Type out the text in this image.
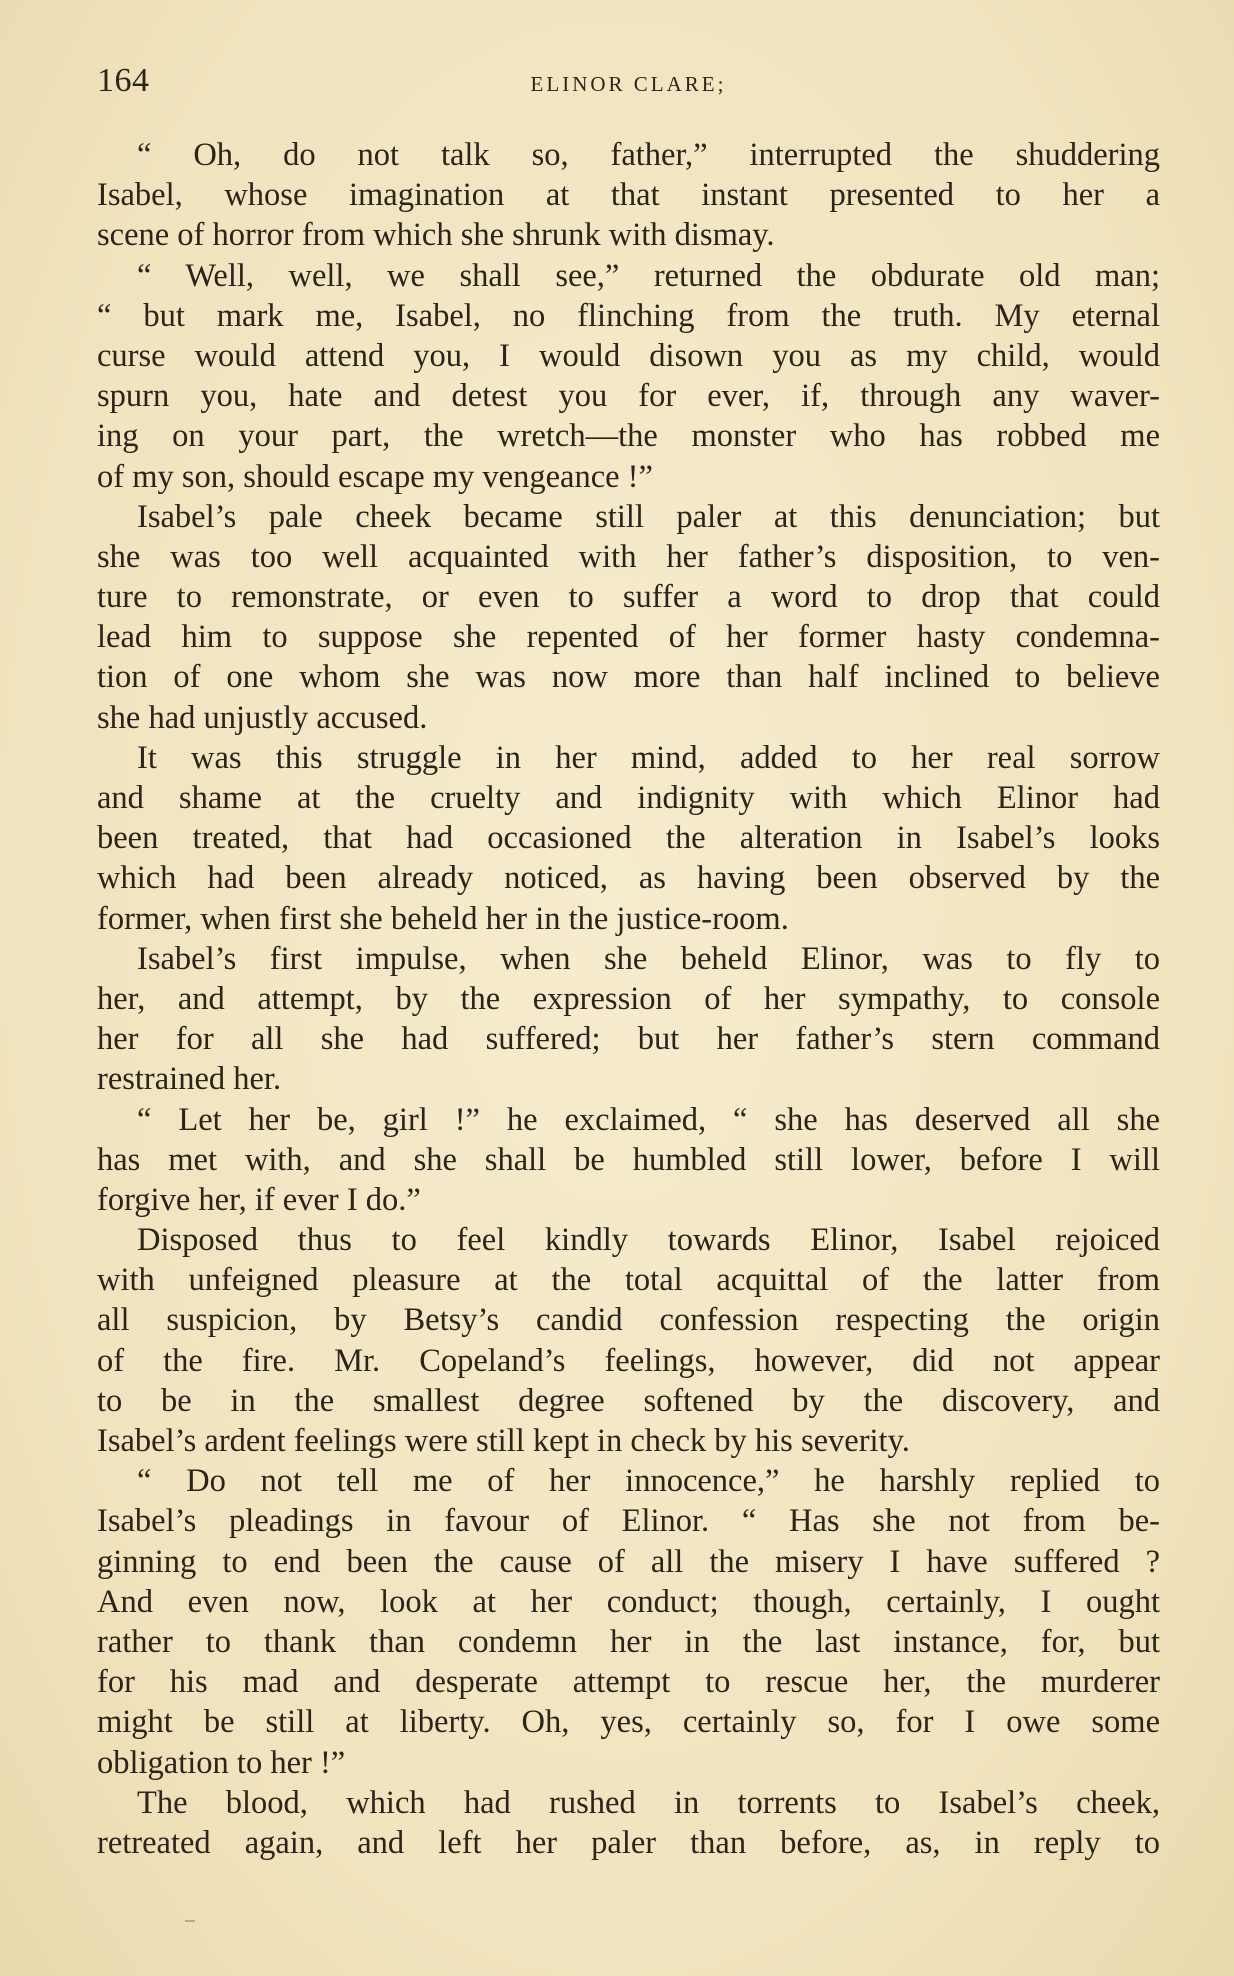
164	ELINOR CLARE;
“ Oh, do not talk so, father,” interrupted the shuddering
Isabel, whose imagination at that instant presented to her a
scene of horror from which she shrunk with dismay.
“ Well, well, we shall see,” returned the obdurate old man;
“ but mark me, Isabel, no flinching from the truth. My eternal
curse would attend you, I would disown you as my child, would
spurn you, hate and detest you for ever, if, through any waver-
ing on your part, the wretch—the monster who has robbed me
of my son, should escape my vengeance !”
Isabel’s pale cheek became still paler at this denunciation; but
she was too well acquainted with her father’s disposition, to ven-
ture to remonstrate, or even to suffer a word to drop that could
lead him to suppose she repented of her former hasty condemna-
tion of one whom she was now more than half inclined to believe
she had unjustly accused.
It was this struggle in her mind, added to her real sorrow
and shame at the cruelty and indignity with which Elinor had
been treated, that had occasioned the alteration in Isabel’s looks
which had been already noticed, as having been observed by the
former, when first she beheld her in the justice-room.
Isabel’s first impulse, when she beheld Elinor, was to fly to
her, and attempt, by the expression of her sympathy, to console
her for all she had suffered; but her father’s stern command
restrained her.
“ Let her be, girl !” he exclaimed, “ she has deserved all she
has met with, and she shall be humbled still lower, before I will
forgive her, if ever I do.”
Disposed thus to feel kindly towards Elinor, Isabel rejoiced
with unfeigned pleasure at the total acquittal of the latter from
all suspicion, by Betsy’s candid confession respecting the origin
of the fire. Mr. Copeland’s feelings, however, did not appear
to be in the smallest degree softened by the discovery, and
Isabel’s ardent feelings were still kept in check by his severity.
“ Do not tell me of her innocence,” he harshly replied to
Isabel’s pleadings in favour of Elinor. “ Has she not from be-
ginning to end been the cause of all the misery I have suffered ?
And even now, look at her conduct; though, certainly, I ought
rather to thank than condemn her in the last instance, for, but
for his mad and desperate attempt to rescue her, the murderer
might be still at liberty. Oh, yes, certainly so, for I owe some
obligation to her !”
The blood, which had rushed in torrents to Isabel’s cheek,
retreated again, and left her paler than before, as, in reply to
